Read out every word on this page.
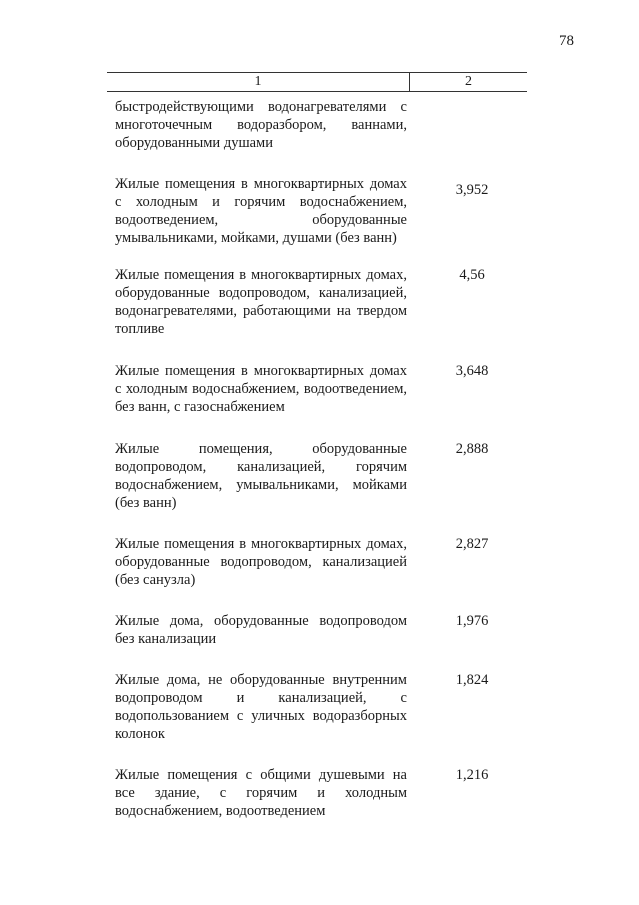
78
1	2
быстродействующими водонагревателями с многоточечным водоразбором, ваннами, оборудованными душами
Жилые помещения в многоквартирных домах с холодным и горячим водоснабжением, водоотведением, оборудованные умывальниками, мойками, душами (без ванн)
3,952
Жилые помещения в многоквартирных домах, оборудованные водопроводом, канализацией, водонагревателями, работающими на твердом топливе
4,56
Жилые помещения в многоквартирных домах с холодным водоснабжением, водоотведением, без ванн, с газоснабжением
3,648
Жилые помещения, оборудованные водопроводом, канализацией, горячим водоснабжением, умывальниками, мойками (без ванн)
2,888
Жилые помещения в многоквартирных домах, оборудованные водопроводом, канализацией (без санузла)
2,827
Жилые дома, оборудованные водопроводом без канализации
1,976
Жилые дома, не оборудованные внутренним водопроводом и канализацией, с водопользованием с уличных водоразборных колонок
1,824
Жилые помещения с общими душевыми на все здание, с горячим и холодным водоснабжением, водоотведением
1,216
